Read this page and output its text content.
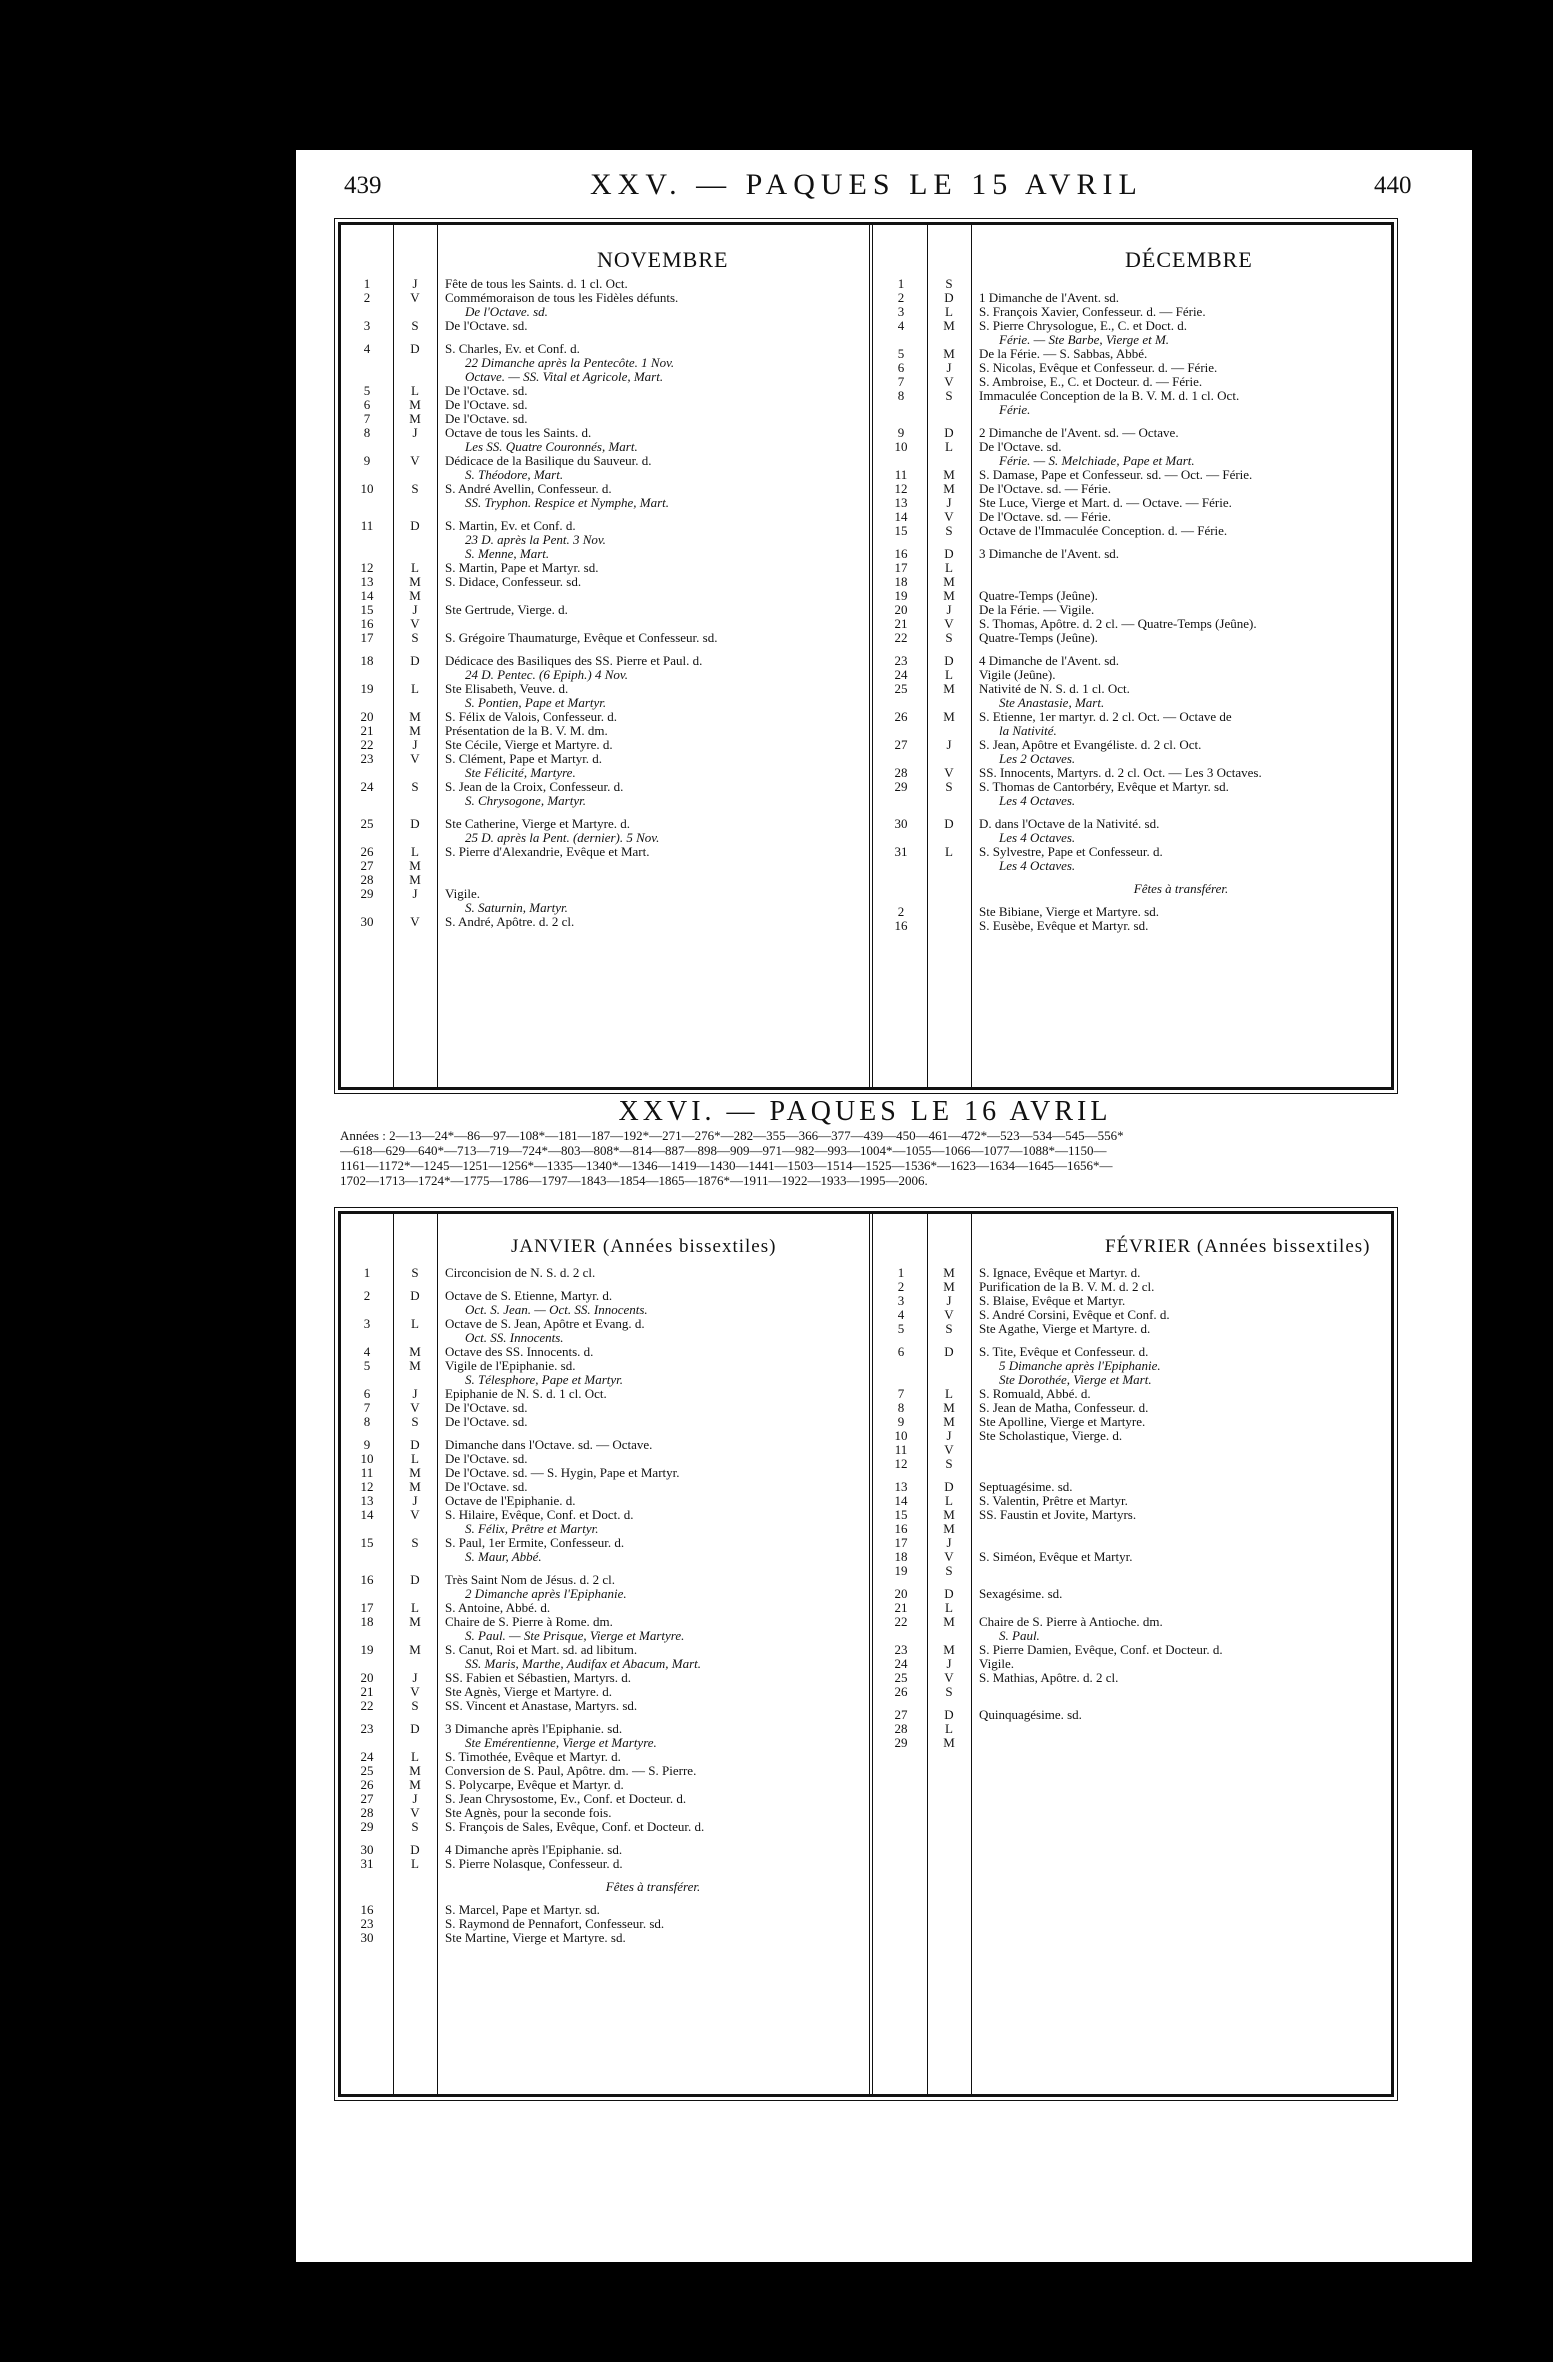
439	XXV. — PAQUES LE 15 AVRIL	440
NOVEMBRE
1	J	Fête de tous les Saints. d. 1 cl. Oct.
2	V	Commémoraison de tous les Fidèles défunts.
De l'Octave. sd.
3	S	De l'Octave. sd.
4	D	S. Charles, Ev. et Conf. d.
22 Dimanche après la Pentecôte. 1 Nov.
Octave. — SS. Vital et Agricole, Mart.
5	L	De l'Octave. sd.
6	M	De l'Octave. sd.
7	M	De l'Octave. sd.
8	J	Octave de tous les Saints. d.
Les SS. Quatre Couronnés, Mart.
9	V	Dédicace de la Basilique du Sauveur. d.
S. Théodore, Mart.
10	S	S. André Avellin, Confesseur. d.
SS. Tryphon. Respice et Nymphe, Mart.
11	D	S. Martin, Ev. et Conf. d.
23 D. après la Pent. 3 Nov.
S. Menne, Mart.
12	L	S. Martin, Pape et Martyr. sd.
13	M	S. Didace, Confesseur. sd.
14	M
15	J	Ste Gertrude, Vierge. d.
16	V
17	S	S. Grégoire Thaumaturge, Evêque et Confesseur. sd.
18	D	Dédicace des Basiliques des SS. Pierre et Paul. d.
24 D. Pentec. (6 Epiph.) 4 Nov.
19	L	Ste Elisabeth, Veuve. d.
S. Pontien, Pape et Martyr.
20	M	S. Félix de Valois, Confesseur. d.
21	M	Présentation de la B. V. M. dm.
22	J	Ste Cécile, Vierge et Martyre. d.
23	V	S. Clément, Pape et Martyr. d.
Ste Félicité, Martyre.
24	S	S. Jean de la Croix, Confesseur. d.
S. Chrysogone, Martyr.
25	D	Ste Catherine, Vierge et Martyre. d.
25 D. après la Pent. (dernier). 5 Nov.
26	L	S. Pierre d'Alexandrie, Evêque et Mart.
27	M
28	M
29	J	Vigile.
S. Saturnin, Martyr.
30	V	S. André, Apôtre. d. 2 cl.
DÉCEMBRE
1	S
2	D	1 Dimanche de l'Avent. sd.
3	L	S. François Xavier, Confesseur. d. — Férie.
4	M	S. Pierre Chrysologue, E., C. et Doct. d.
Férie. — Ste Barbe, Vierge et M.
5	M	De la Férie. — S. Sabbas, Abbé.
6	J	S. Nicolas, Evêque et Confesseur. d. — Férie.
7	V	S. Ambroise, E., C. et Docteur. d. — Férie.
8	S	Immaculée Conception de la B. V. M. d. 1 cl. Oct.
Férie.
9	D	2 Dimanche de l'Avent. sd. — Octave.
10	L	De l'Octave. sd.
Férie. — S. Melchiade, Pape et Mart.
11	M	S. Damase, Pape et Confesseur. sd. — Oct. — Férie.
12	M	De l'Octave. sd. — Férie.
13	J	Ste Luce, Vierge et Mart. d. — Octave. — Férie.
14	V	De l'Octave. sd. — Férie.
15	S	Octave de l'Immaculée Conception. d. — Férie.
16	D	3 Dimanche de l'Avent. sd.
17	L
18	M
19	M	Quatre-Temps (Jeûne).
20	J	De la Férie. — Vigile.
21	V	S. Thomas, Apôtre. d. 2 cl. — Quatre-Temps (Jeûne).
22	S	Quatre-Temps (Jeûne).
23	D	4 Dimanche de l'Avent. sd.
24	L	Vigile (Jeûne).
25	M	Nativité de N. S. d. 1 cl. Oct.
Ste Anastasie, Mart.
26	M	S. Etienne, 1er martyr. d. 2 cl. Oct. — Octave de
la Nativité.
27	J	S. Jean, Apôtre et Evangéliste. d. 2 cl. Oct.
Les 2 Octaves.
28	V	SS. Innocents, Martyrs. d. 2 cl. Oct. — Les 3 Octaves.
29	S	S. Thomas de Cantorbéry, Evêque et Martyr. sd.
Les 4 Octaves.
30	D	D. dans l'Octave de la Nativité. sd.
Les 4 Octaves.
31	L	S. Sylvestre, Pape et Confesseur. d.
Les 4 Octaves.
Fêtes à transférer.
2	Ste Bibiane, Vierge et Martyre. sd.
16	S. Eusèbe, Evêque et Martyr. sd.
XXVI. — PAQUES LE 16 AVRIL
Années : 2—13—24*—86—97—108*—181—187—192*—271—276*—282—355—366—377—439—450—461—472*—523—534—545—556*
—618—629—640*—713—719—724*—803—808*—814—887—898—909—971—982—993—1004*—1055—1066—1077—1088*—1150—
1161—1172*—1245—1251—1256*—1335—1340*—1346—1419—1430—1441—1503—1514—1525—1536*—1623—1634—1645—1656*—
1702—1713—1724*—1775—1786—1797—1843—1854—1865—1876*—1911—1922—1933—1995—2006.
JANVIER (Années bissextiles)
1	S	Circoncision de N. S. d. 2 cl.
2	D	Octave de S. Etienne, Martyr. d.
Oct. S. Jean. — Oct. SS. Innocents.
3	L	Octave de S. Jean, Apôtre et Evang. d.
Oct. SS. Innocents.
4	M	Octave des SS. Innocents. d.
5	M	Vigile de l'Epiphanie. sd.
S. Télesphore, Pape et Martyr.
6	J	Epiphanie de N. S. d. 1 cl. Oct.
7	V	De l'Octave. sd.
8	S	De l'Octave. sd.
9	D	Dimanche dans l'Octave. sd. — Octave.
10	L	De l'Octave. sd.
11	M	De l'Octave. sd. — S. Hygin, Pape et Martyr.
12	M	De l'Octave. sd.
13	J	Octave de l'Epiphanie. d.
14	V	S. Hilaire, Evêque, Conf. et Doct. d.
S. Félix, Prêtre et Martyr.
15	S	S. Paul, 1er Ermite, Confesseur. d.
S. Maur, Abbé.
16	D	Très Saint Nom de Jésus. d. 2 cl.
2 Dimanche après l'Epiphanie.
17	L	S. Antoine, Abbé. d.
18	M	Chaire de S. Pierre à Rome. dm.
S. Paul. — Ste Prisque, Vierge et Martyre.
19	M	S. Canut, Roi et Mart. sd. ad libitum.
SS. Maris, Marthe, Audifax et Abacum, Mart.
20	J	SS. Fabien et Sébastien, Martyrs. d.
21	V	Ste Agnès, Vierge et Martyre. d.
22	S	SS. Vincent et Anastase, Martyrs. sd.
23	D	3 Dimanche après l'Epiphanie. sd.
Ste Emérentienne, Vierge et Martyre.
24	L	S. Timothée, Evêque et Martyr. d.
25	M	Conversion de S. Paul, Apôtre. dm. — S. Pierre.
26	M	S. Polycarpe, Evêque et Martyr. d.
27	J	S. Jean Chrysostome, Ev., Conf. et Docteur. d.
28	V	Ste Agnès, pour la seconde fois.
29	S	S. François de Sales, Evêque, Conf. et Docteur. d.
30	D	4 Dimanche après l'Epiphanie. sd.
31	L	S. Pierre Nolasque, Confesseur. d.
Fêtes à transférer.
16	S. Marcel, Pape et Martyr. sd.
23	S. Raymond de Pennafort, Confesseur. sd.
30	Ste Martine, Vierge et Martyre. sd.
FÉVRIER (Années bissextiles)
1	M	S. Ignace, Evêque et Martyr. d.
2	M	Purification de la B. V. M. d. 2 cl.
3	J	S. Blaise, Evêque et Martyr.
4	V	S. André Corsini, Evêque et Conf. d.
5	S	Ste Agathe, Vierge et Martyre. d.
6	D	S. Tite, Evêque et Confesseur. d.
5 Dimanche après l'Epiphanie.
Ste Dorothée, Vierge et Mart.
7	L	S. Romuald, Abbé. d.
8	M	S. Jean de Matha, Confesseur. d.
9	M	Ste Apolline, Vierge et Martyre.
10	J	Ste Scholastique, Vierge. d.
11	V
12	S
13	D	Septuagésime. sd.
14	L	S. Valentin, Prêtre et Martyr.
15	M	SS. Faustin et Jovite, Martyrs.
16	M
17	J
18	V	S. Siméon, Evêque et Martyr.
19	S
20	D	Sexagésime. sd.
21	L
22	M	Chaire de S. Pierre à Antioche. dm.
S. Paul.
23	M	S. Pierre Damien, Evêque, Conf. et Docteur. d.
24	J	Vigile.
25	V	S. Mathias, Apôtre. d. 2 cl.
26	S
27	D	Quinquagésime. sd.
28	L
29	M
